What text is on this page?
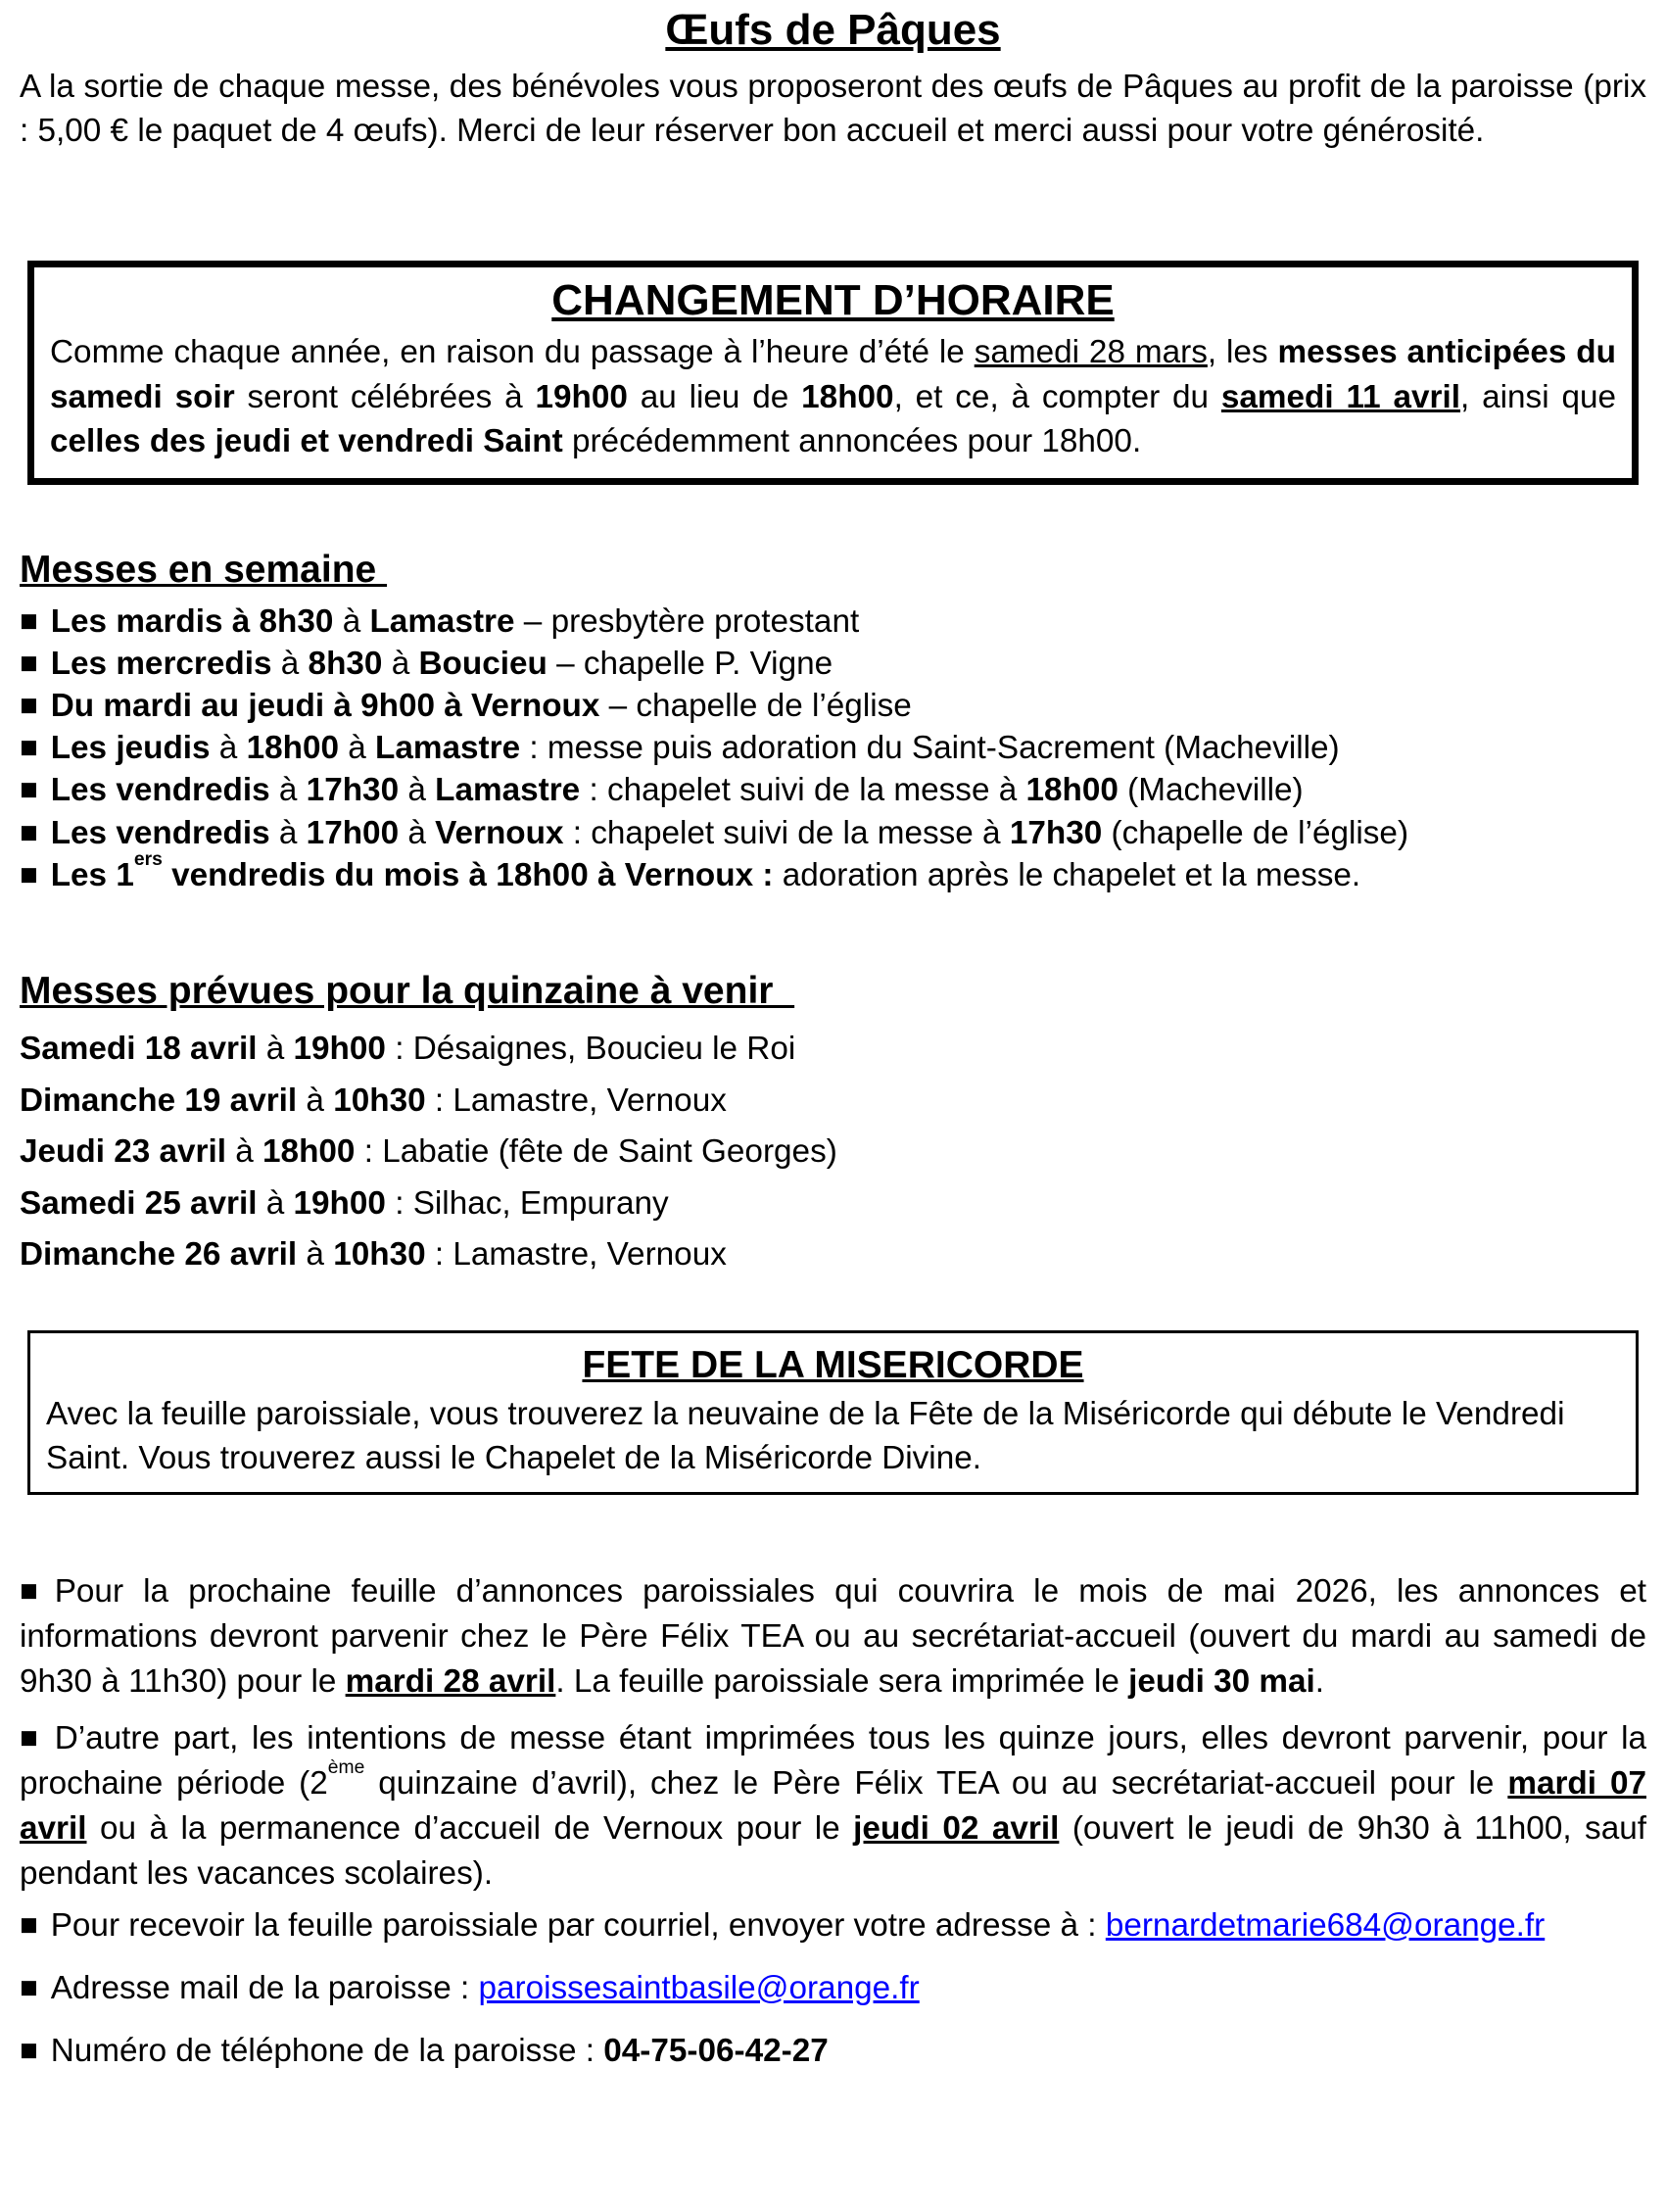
Œufs de Pâques

A la sortie de chaque messe, des bénévoles vous proposeront des œufs de Pâques au profit de la paroisse (prix : 5,00 € le paquet de 4 œufs). Merci de leur réserver bon accueil et merci aussi pour votre générosité.

CHANGEMENT D’HORAIRE

Comme chaque année, en raison du passage à l’heure d’été le samedi 28 mars, les messes anticipées du samedi soir seront célébrées à 19h00 au lieu de 18h00, et ce, à compter du samedi 11 avril, ainsi que celles des jeudi et vendredi Saint précédemment annoncées pour 18h00.

Messes en semaine
■ Les mardis à 8h30 à Lamastre – presbytère protestant
■ Les mercredis à 8h30 à Boucieu – chapelle P. Vigne
■ Du mardi au jeudi à 9h00 à Vernoux – chapelle de l’église
■ Les jeudis à 18h00 à Lamastre : messe puis adoration du Saint-Sacrement (Macheville)
■ Les vendredis à 17h30 à Lamastre : chapelet suivi de la messe à 18h00 (Macheville)
■ Les vendredis à 17h00 à Vernoux : chapelet suivi de la messe à 17h30 (chapelle de l’église)
■ Les 1ers vendredis du mois à 18h00 à Vernoux : adoration après le chapelet et la messe.
Messes prévues pour la quinzaine à venir
Samedi 18 avril à 19h00 : Désaignes, Boucieu le Roi
Dimanche 19 avril à 10h30 : Lamastre, Vernoux
Jeudi 23 avril à 18h00 : Labatie (fête de Saint Georges)
Samedi 25 avril à 19h00 : Silhac, Empurany
Dimanche 26 avril à 10h30 : Lamastre, Vernoux
FETE DE LA MISERICORDE

Avec la feuille paroissiale, vous trouverez la neuvaine de la Fête de la Miséricorde qui débute le Vendredi Saint. Vous trouverez aussi le Chapelet de la Miséricorde Divine.

■ Pour la prochaine feuille d’annonces paroissiales qui couvrira le mois de mai 2026, les annonces et informations devront parvenir chez le Père Félix TEA ou au secrétariat-accueil (ouvert du mardi au samedi de 9h30 à 11h30) pour le mardi 28 avril. La feuille paroissiale sera imprimée le jeudi 30 mai.

■ D’autre part, les intentions de messe étant imprimées tous les quinze jours, elles devront parvenir, pour la prochaine période (2ème quinzaine d’avril), chez le Père Félix TEA ou au secrétariat-accueil pour le mardi 07 avril ou à la permanence d’accueil de Vernoux pour le jeudi 02 avril (ouvert le jeudi de 9h30 à 11h00, sauf pendant les vacances scolaires).

■ Pour recevoir la feuille paroissiale par courriel, envoyer votre adresse à : bernardetmarie684@orange.fr

■ Adresse mail de la paroisse : paroissesaintbasile@orange.fr

■ Numéro de téléphone de la paroisse : 04-75-06-42-27
